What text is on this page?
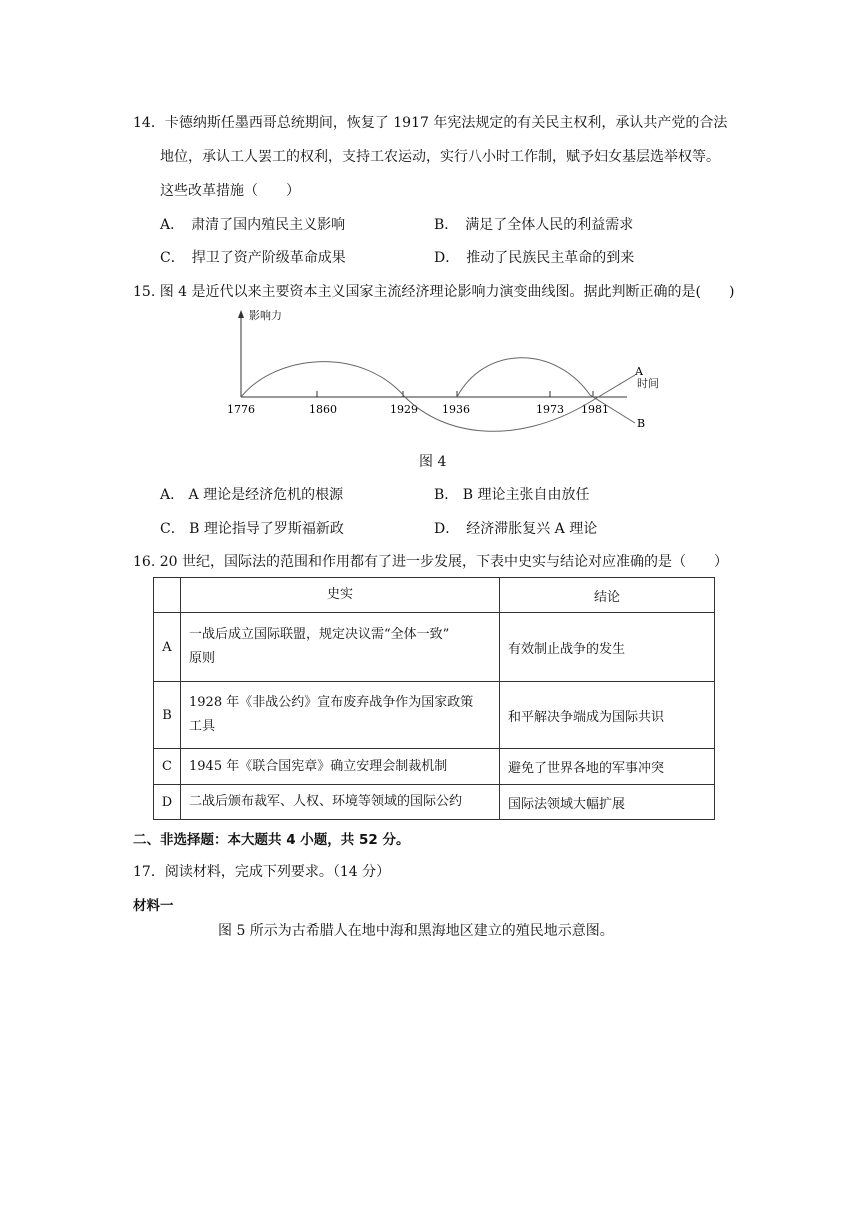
14．卡德纳斯任墨西哥总统期间，恢复了 1917 年宪法规定的有关民主权利，承认共产党的合法
地位，承认工人罢工的权利，支持工农运动，实行八小时工作制，赋予妇女基层选举权等。
这些改革措施（　　）
A．　肃清了国内殖民主义影响	B．　满足了全体人民的利益需求
C．　捍卫了资产阶级革命成果	D．　推动了民族民主革命的到来
15. 图 4 是近代以来主要资本主义国家主流经济理论影响力演变曲线图。据此判断正确的是(　　)
影响力
时间
1776	1860	1929 1936	1973 1981
A
B
图 4
A． A 理论是经济危机的根源	B． B 理论主张自由放任
C． B 理论指导了罗斯福新政	D．　经济滞胀复兴 A 理论
16. 20 世纪，国际法的范围和作用都有了进一步发展，下表中史实与结论对应准确的是（　　）
	史实	结论
A	一战后成立国际联盟，规定决议需“全体一致”
原则	有效制止战争的发生
B	1928 年《非战公约》宣布废弃战争作为国家政策
工具	和平解决争端成为国际共识
C	1945 年《联合国宪章》确立安理会制裁机制	避免了世界各地的军事冲突
D	二战后颁布裁军、人权、环境等领域的国际公约	国际法领域大幅扩展
二、非选择题：本大题共 4 小题，共 52 分。
17．阅读材料，完成下列要求。（14 分）
材料一
图 5 所示为古希腊人在地中海和黑海地区建立的殖民地示意图。
